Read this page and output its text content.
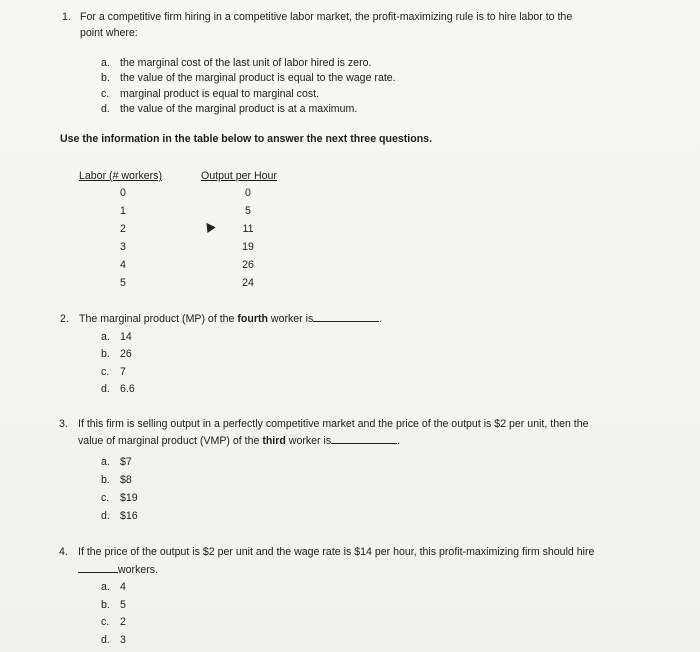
1. For a competitive firm hiring in a competitive labor market, the profit-maximizing rule is to hire labor to the
point where:
a. the marginal cost of the last unit of labor hired is zero.
b. the value of the marginal product is equal to the wage rate.
c. marginal product is equal to marginal cost.
d. the value of the marginal product is at a maximum.
Use the information in the table below to answer the next three questions.
Labor (# workers)	Output per Hour
0	0
1	5
2	11
3	19
4	26
5	24
2. The marginal product (MP) of the fourth worker is	.
a. 14
b. 26
c. 7
d. 6.6
3. If this firm is selling output in a perfectly competitive market and the price of the output is $2 per unit, then the
value of marginal product (VMP) of the third worker is	.
a. $7
b. $8
c. $19
d. $16
4. If the price of the output is $2 per unit and the wage rate is $14 per hour, this profit-maximizing firm should hire
workers.
a. 4
b. 5
c. 2
d. 3
